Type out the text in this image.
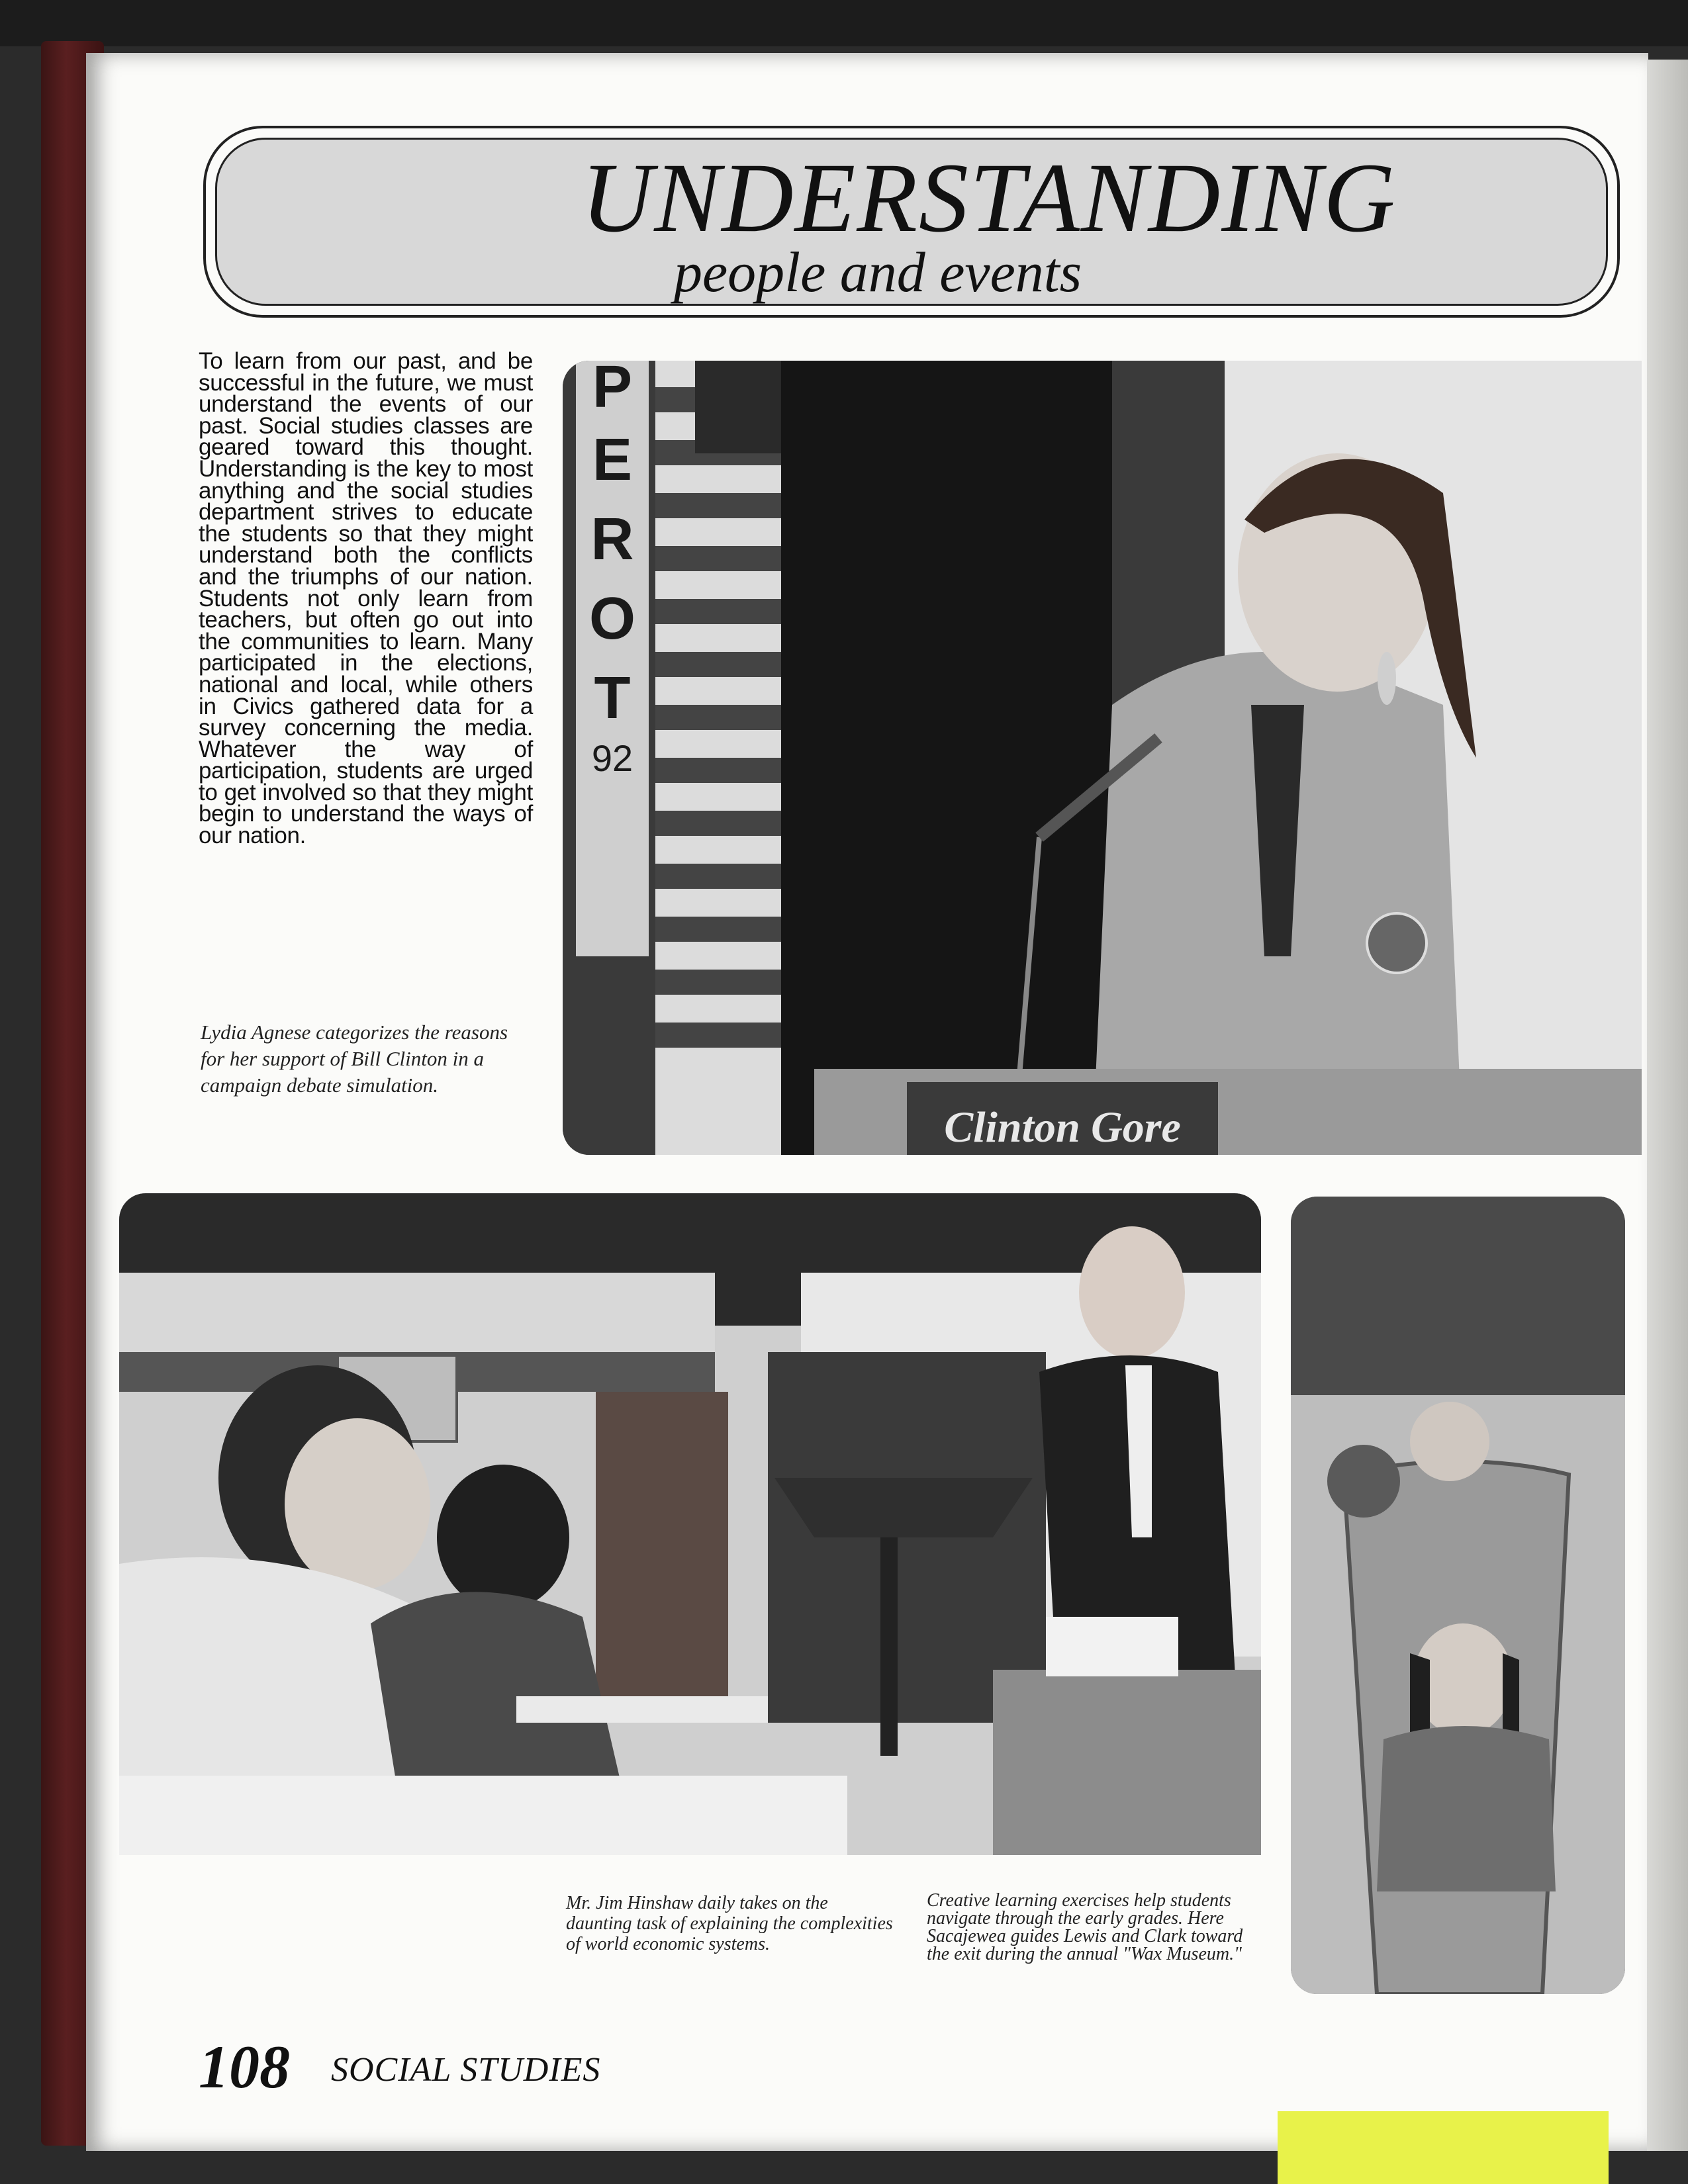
UNDERSTANDING
people and events
To learn from our past, and be successful in the future, we must understand the events of our past. Social studies classes are geared toward this thought. Understanding is the key to most anything and the social studies department strives to educate the students so that they might understand both the conflicts and the triumphs of our nation. Students not only learn from teachers, but often go out into the communities to learn. Many participated in the elections, national and local, while others in Civics gathered data for a survey concerning the media. Whatever the way of participation, students are urged to get involved so that they might begin to understand the ways of our nation.
P
E
R
O
T
92
Clinton Gore
Lydia Agnese categorizes the reasons for her support of Bill Clinton in a campaign debate simulation.
Mr. Jim Hinshaw daily takes on the daunting task of explaining the complexities of world economic systems.
Creative learning exercises help students navigate through the early grades. Here Sacajewea guides Lewis and Clark toward the exit during the annual "Wax Museum."
108 SOCIAL STUDIES
